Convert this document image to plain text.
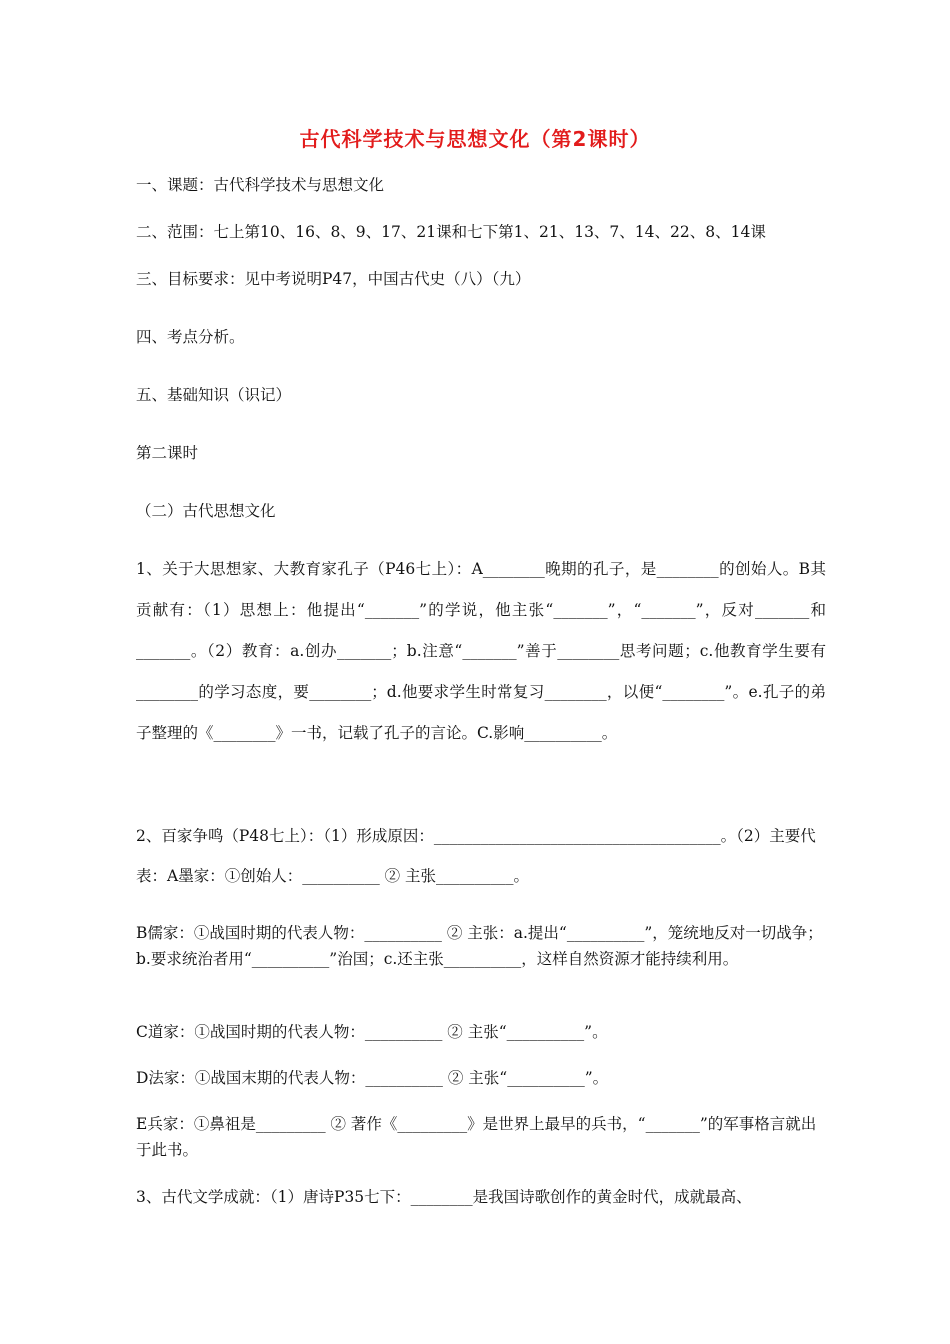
古代科学技术与思想文化（第2课时）
一、课题：古代科学技术与思想文化
二、范围：七上第10、16、8、9、17、21课和七下第1、21、13、7、14、22、8、14课
三、目标要求：见中考说明P47，中国古代史（八）（九）
四、考点分析。
五、基础知识（识记）
第二课时
（二）古代思想文化
1、关于大思想家、大教育家孔子（P46七上）：A________晚期的孔子，是________的创始人。B其贡献有：（1）思想上：他提出“_______”的学说，他主张“_______”，“_______”，反对_______和_______。（2）教育：a.创办_______；b.注意“_______”善于________思考问题；c.他教育学生要有________的学习态度，要________；d.他要求学生时常复习________，以便“________”。e.孔子的弟子整理的《________》一书，记载了孔子的言论。C.影响__________。
2、百家争鸣（P48七上）：（1）形成原因：_____________________________________。（2）主要代表：A墨家：①创始人：__________ ② 主张__________。
B儒家：①战国时期的代表人物：__________ ② 主张：a.提出“__________”，笼统地反对一切战争；b.要求统治者用“__________”治国；c.还主张__________，这样自然资源才能持续利用。
C道家：①战国时期的代表人物：__________ ② 主张“__________”。
D法家：①战国末期的代表人物：__________ ② 主张“__________”。
E兵家：①鼻祖是_________ ② 著作《_________》是世界上最早的兵书，“_______”的军事格言就出于此书。
3、古代文学成就：（1）唐诗P35七下：________是我国诗歌创作的黄金时代，成就最高、
